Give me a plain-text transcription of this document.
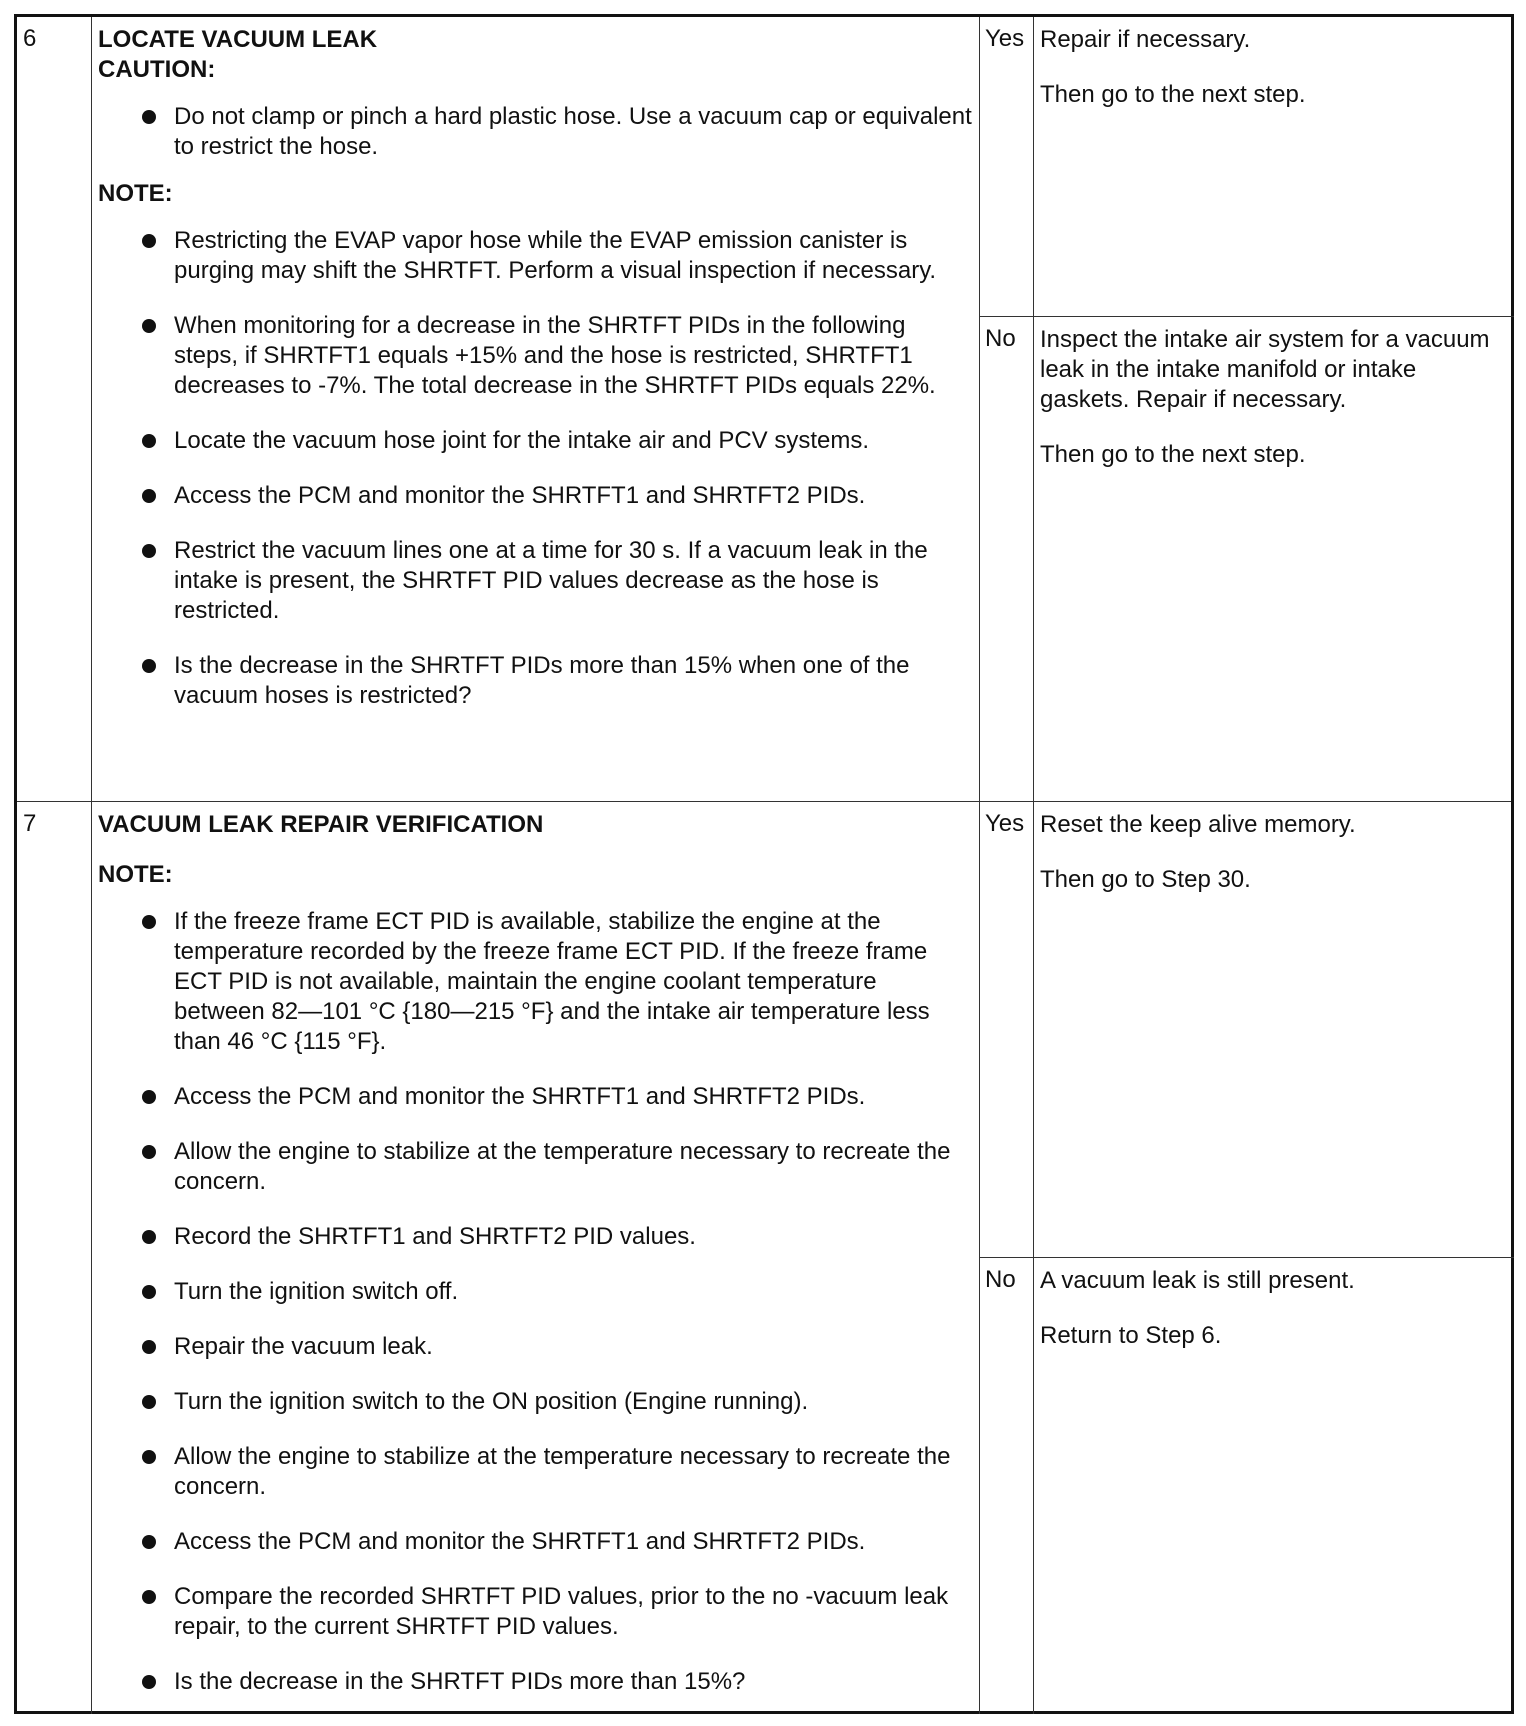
6	LOCATE VACUUM LEAK
CAUTION:
Do not clamp or pinch a hard plastic hose. Use a vacuum cap or equivalent to restrict the hose.
NOTE:
Restricting the EVAP vapor hose while the EVAP emission canister is purging may shift the SHRTFT. Perform a visual inspection if necessary.
When monitoring for a decrease in the SHRTFT PIDs in the following steps, if SHRTFT1 equals +15% and the hose is restricted, SHRTFT1 decreases to -7%. The total decrease in the SHRTFT PIDs equals 22%.
Locate the vacuum hose joint for the intake air and PCV systems.
Access the PCM and monitor the SHRTFT1 and SHRTFT2 PIDs.
Restrict the vacuum lines one at a time for 30 s. If a vacuum leak in the intake is present, the SHRTFT PID values decrease as the hose is restricted.
Is the decrease in the SHRTFT PIDs more than 15% when one of the vacuum hoses is restricted?
Yes Repair if necessary.

Then go to the next step.

No	Inspect the intake air system for a vacuum leak in the intake manifold or intake gaskets. Repair if necessary.

Then go to the next step.

7	VACUUM LEAK REPAIR VERIFICATION
NOTE:
If the freeze frame ECT PID is available, stabilize the engine at the temperature recorded by the freeze frame ECT PID. If the freeze frame ECT PID is not available, maintain the engine coolant temperature between 82—101 °C {180—215 °F} and the intake air temperature less than 46 °C {115 °F}.
Access the PCM and monitor the SHRTFT1 and SHRTFT2 PIDs.
Allow the engine to stabilize at the temperature necessary to recreate the concern.
Record the SHRTFT1 and SHRTFT2 PID values.
Turn the ignition switch off.
Repair the vacuum leak.
Turn the ignition switch to the ON position (Engine running).
Allow the engine to stabilize at the temperature necessary to recreate the concern.
Access the PCM and monitor the SHRTFT1 and SHRTFT2 PIDs.
Compare the recorded SHRTFT PID values, prior to the no -vacuum leak repair, to the current SHRTFT PID values.
Is the decrease in the SHRTFT PIDs more than 15%?
Yes Reset the keep alive memory.

Then go to Step 30.

No	A vacuum leak is still present.

Return to Step 6.
